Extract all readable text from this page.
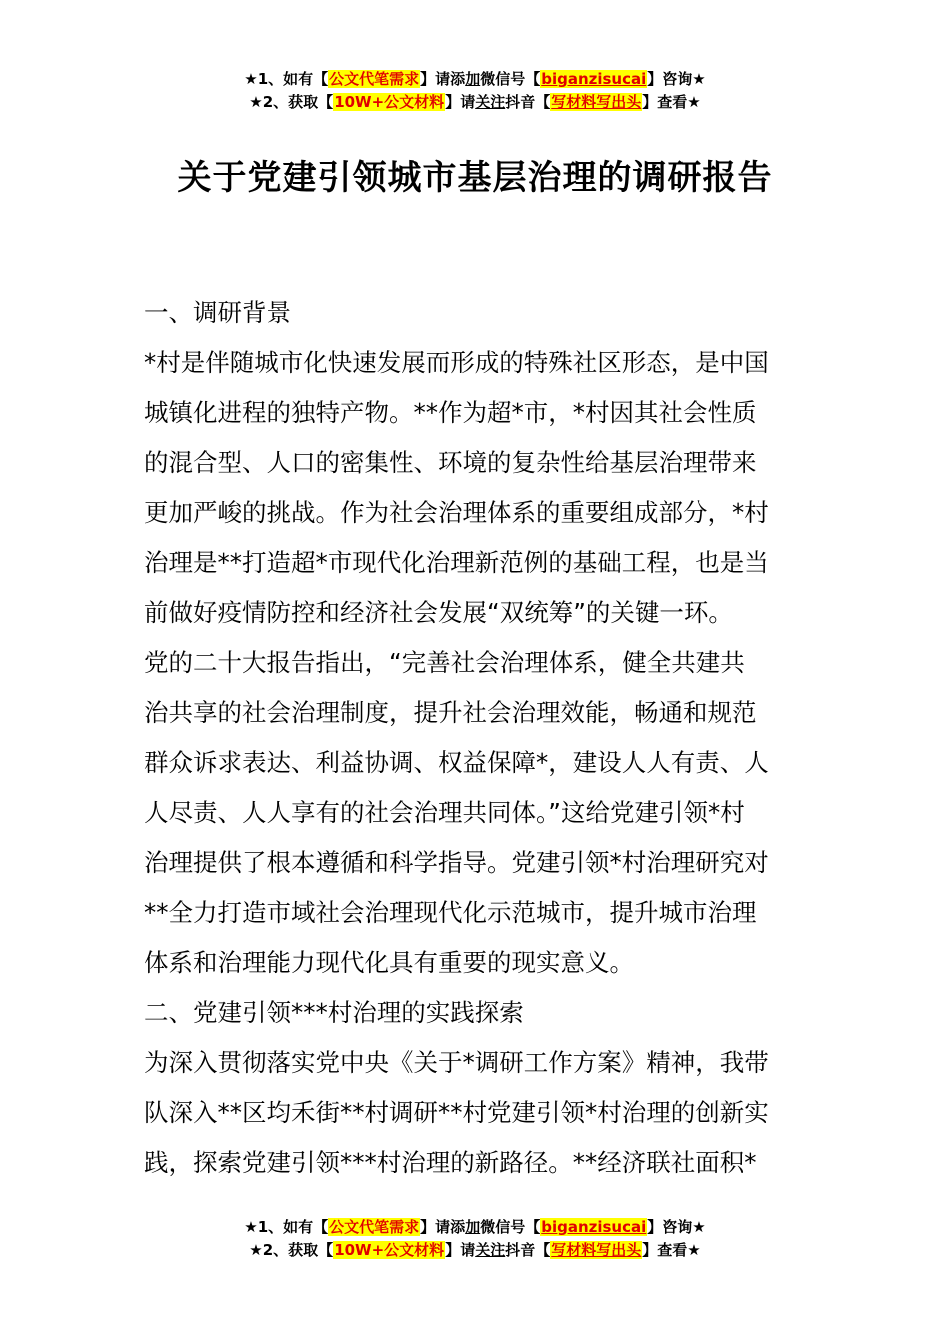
★1、如有【公文代笔需求】请添加微信号【biganzisucai】咨询★
★2、获取【10W+公文材料】请关注抖音【写材料写出头】查看★
关于党建引领城市基层治理的调研报告

一、调研背景

*村是伴随城市化快速发展而形成的特殊社区形态，是中国

城镇化进程的独特产物。**作为超*市，*村因其社会性质

的混合型、人口的密集性、环境的复杂性给基层治理带来

更加严峻的挑战。作为社会治理体系的重要组成部分，*村

治理是**打造超*市现代化治理新范例的基础工程，也是当

前做好疫情防控和经济社会发展“双统筹”的关键一环。

党的二十大报告指出，“完善社会治理体系，健全共建共

治共享的社会治理制度，提升社会治理效能，畅通和规范

群众诉求表达、利益协调、权益保障*，建设人人有责、人

人尽责、人人享有的社会治理共同体。”这给党建引领*村

治理提供了根本遵循和科学指导。党建引领*村治理研究对

**全力打造市域社会治理现代化示范城市，提升城市治理

体系和治理能力现代化具有重要的现实意义。

二、党建引领***村治理的实践探索

为深入贯彻落实党中央《关于*调研工作方案》精神，我带

队深入**区均禾街**村调研**村党建引领*村治理的创新实

践，探索党建引领***村治理的新路径。**经济联社面积*

★1、如有【公文代笔需求】请添加微信号【biganzisucai】咨询★
★2、获取【10W+公文材料】请关注抖音【写材料写出头】查看★
